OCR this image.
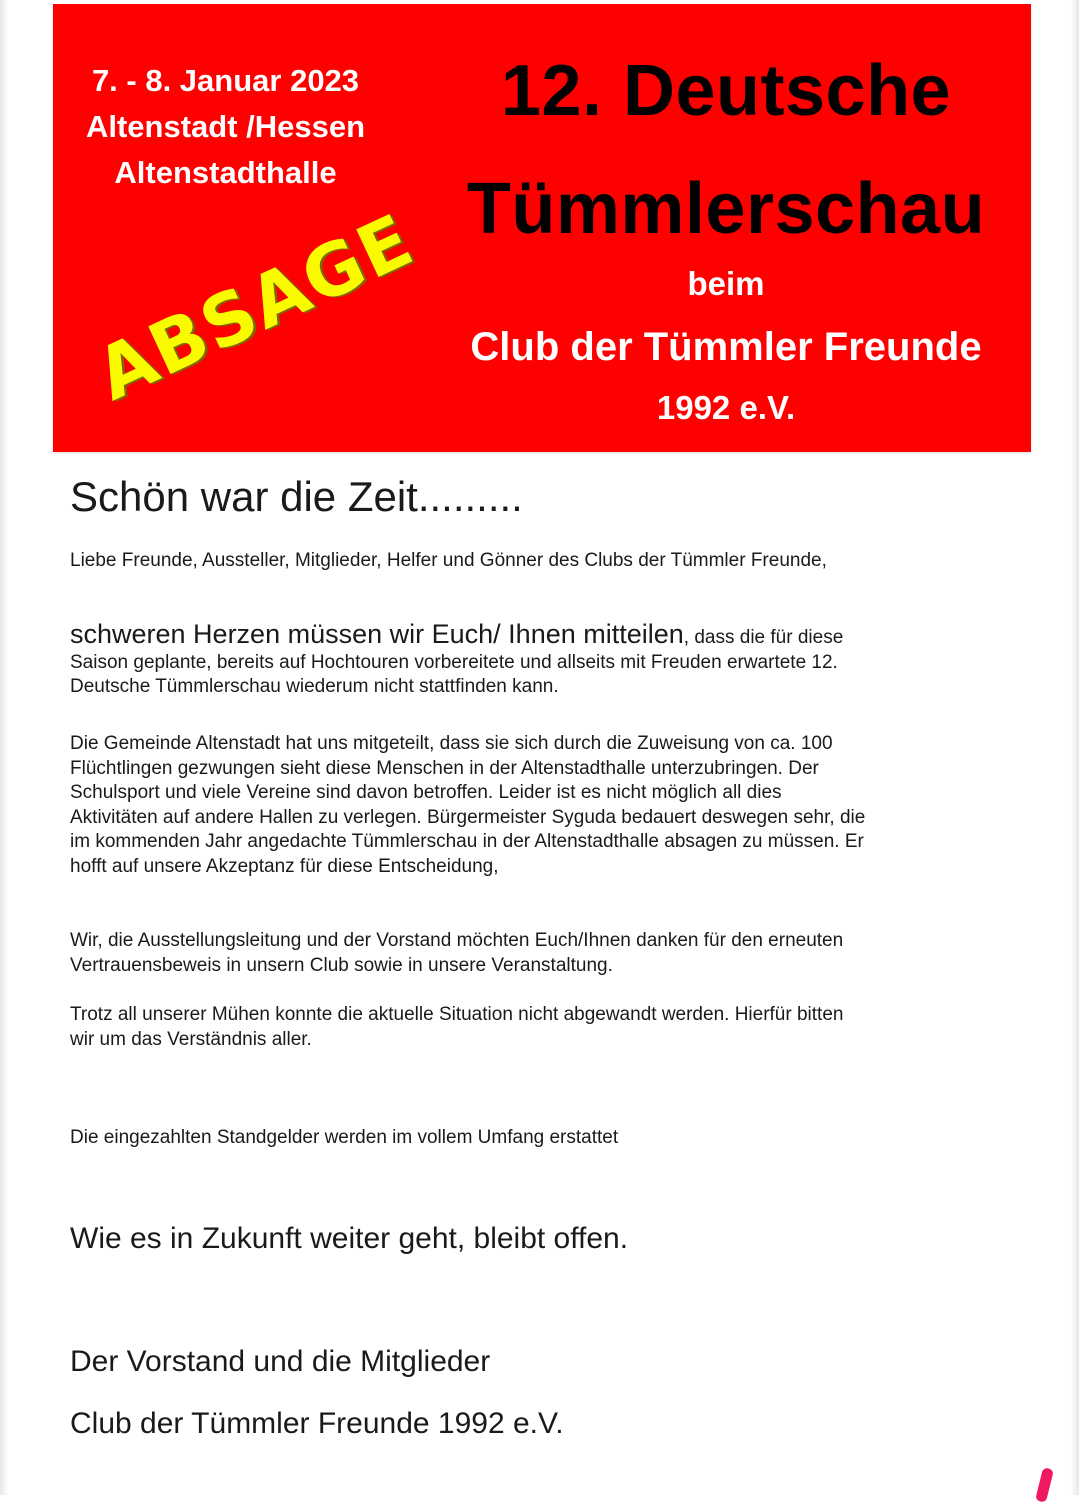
7. - 8. Januar 2023
Altenstadt /Hessen
Altenstadthalle
12. Deutsche
Tümmlerschau
beim
Club der Tümmler Freunde
1992 e.V.
ABSAGE
Schön war die Zeit.........

Liebe Freunde, Aussteller, Mitglieder, Helfer und Gönner des Clubs der Tümmler Freunde,

schweren Herzen müssen wir Euch/ Ihnen mitteilen, dass die für diese Saison geplante, bereits auf Hochtouren vorbereitete und allseits mit Freuden erwartete 12. Deutsche Tümmlerschau wiederum nicht stattfinden kann.

Die Gemeinde Altenstadt hat uns mitgeteilt, dass sie sich durch die Zuweisung von ca. 100 Flüchtlingen gezwungen sieht diese Menschen in der Altenstadthalle unterzubringen. Der Schulsport und viele Vereine sind davon betroffen. Leider ist es nicht möglich all dies Aktivitäten auf andere Hallen zu verlegen. Bürgermeister Syguda bedauert deswegen sehr, die im kommenden Jahr angedachte Tümmlerschau in der Altenstadthalle absagen zu müssen. Er hofft auf unsere Akzeptanz für diese Entscheidung,

Wir, die Ausstellungsleitung und der Vorstand möchten Euch/Ihnen danken für den erneuten Vertrauensbeweis in unsern Club sowie in unsere Veranstaltung.

Trotz all unserer Mühen konnte die aktuelle Situation nicht abgewandt werden. Hierfür bitten wir um das Verständnis aller.

Die eingezahlten Standgelder werden im vollem Umfang erstattet

Wie es in Zukunft weiter geht, bleibt offen.
Der Vorstand und die Mitglieder
Club der Tümmler Freunde 1992 e.V.
